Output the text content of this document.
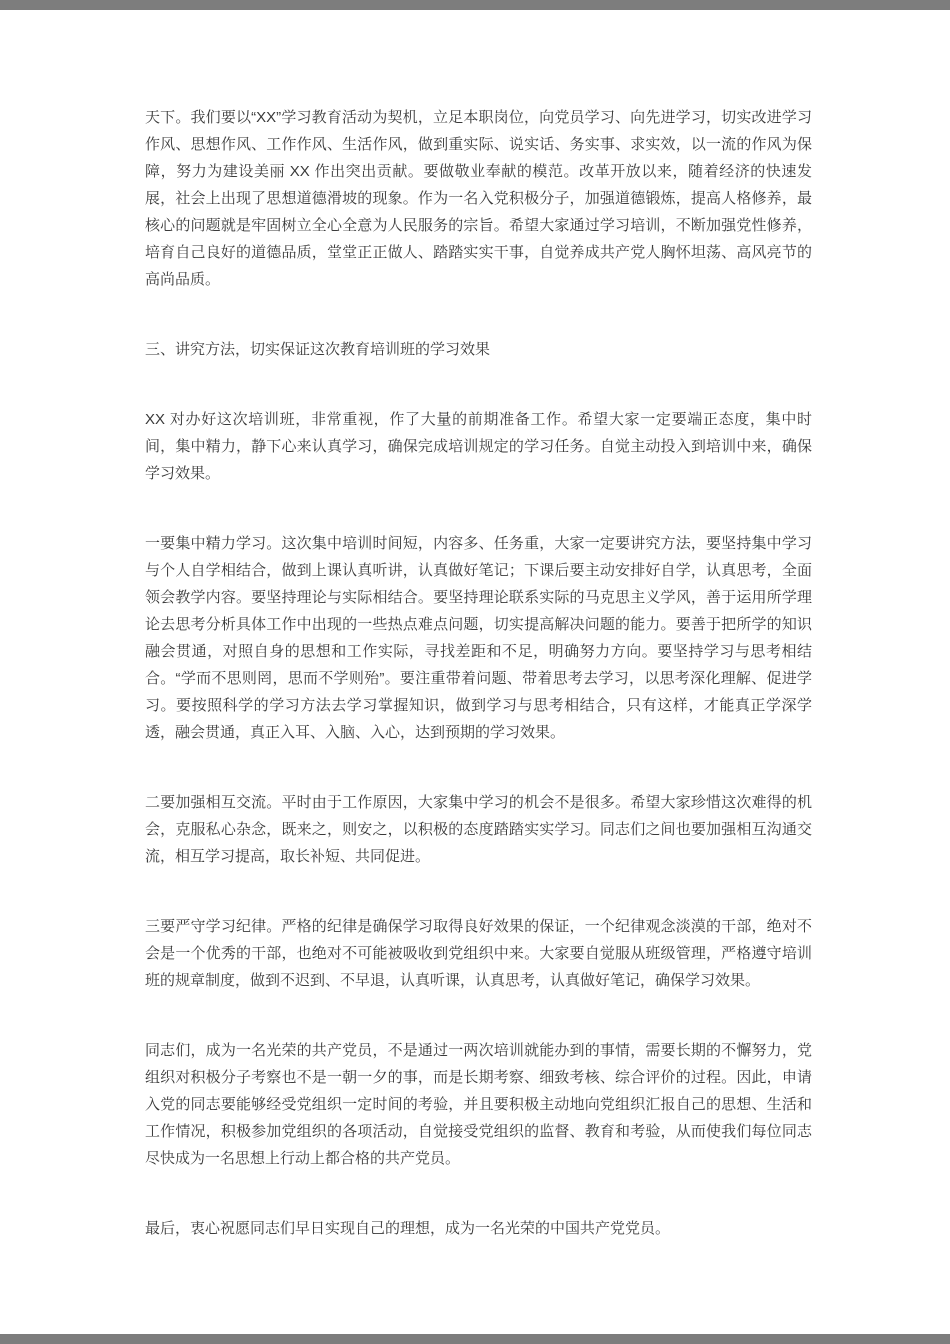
天下。我们要以“XX”学习教育活动为契机，立足本职岗位，向党员学习、向先进学习，切实改进学习作风、思想作风、工作作风、生活作风，做到重实际、说实话、务实事、求实效，以一流的作风为保障，努力为建设美丽 XX 作出突出贡献。要做敬业奉献的模范。改革开放以来，随着经济的快速发展，社会上出现了思想道德滑坡的现象。作为一名入党积极分子，加强道德锻炼，提高人格修养，最核心的问题就是牢固树立全心全意为人民服务的宗旨。希望大家通过学习培训，不断加强党性修养，培育自己良好的道德品质，堂堂正正做人、踏踏实实干事，自觉养成共产党人胸怀坦荡、高风亮节的高尚品质。

三、讲究方法，切实保证这次教育培训班的学习效果

XX 对办好这次培训班，非常重视，作了大量的前期准备工作。希望大家一定要端正态度，集中时间，集中精力，静下心来认真学习，确保完成培训规定的学习任务。自觉主动投入到培训中来，确保学习效果。

一要集中精力学习。这次集中培训时间短，内容多、任务重，大家一定要讲究方法，要坚持集中学习与个人自学相结合，做到上课认真听讲，认真做好笔记；下课后要主动安排好自学，认真思考，全面领会教学内容。要坚持理论与实际相结合。要坚持理论联系实际的马克思主义学风，善于运用所学理论去思考分析具体工作中出现的一些热点难点问题，切实提高解决问题的能力。要善于把所学的知识融会贯通，对照自身的思想和工作实际，寻找差距和不足，明确努力方向。要坚持学习与思考相结合。“学而不思则罔，思而不学则殆”。要注重带着问题、带着思考去学习，以思考深化理解、促进学习。要按照科学的学习方法去学习掌握知识，做到学习与思考相结合，只有这样，才能真正学深学透，融会贯通，真正入耳、入脑、入心，达到预期的学习效果。

二要加强相互交流。平时由于工作原因，大家集中学习的机会不是很多。希望大家珍惜这次难得的机会，克服私心杂念，既来之，则安之，以积极的态度踏踏实实学习。同志们之间也要加强相互沟通交流，相互学习提高，取长补短、共同促进。

三要严守学习纪律。严格的纪律是确保学习取得良好效果的保证，一个纪律观念淡漠的干部，绝对不会是一个优秀的干部，也绝对不可能被吸收到党组织中来。大家要自觉服从班级管理，严格遵守培训班的规章制度，做到不迟到、不早退，认真听课，认真思考，认真做好笔记，确保学习效果。

同志们，成为一名光荣的共产党员，不是通过一两次培训就能办到的事情，需要长期的不懈努力，党组织对积极分子考察也不是一朝一夕的事，而是长期考察、细致考核、综合评价的过程。因此，申请入党的同志要能够经受党组织一定时间的考验，并且要积极主动地向党组织汇报自己的思想、生活和工作情况，积极参加党组织的各项活动，自觉接受党组织的监督、教育和考验，从而使我们每位同志尽快成为一名思想上行动上都合格的共产党员。

最后，衷心祝愿同志们早日实现自己的理想，成为一名光荣的中国共产党党员。
